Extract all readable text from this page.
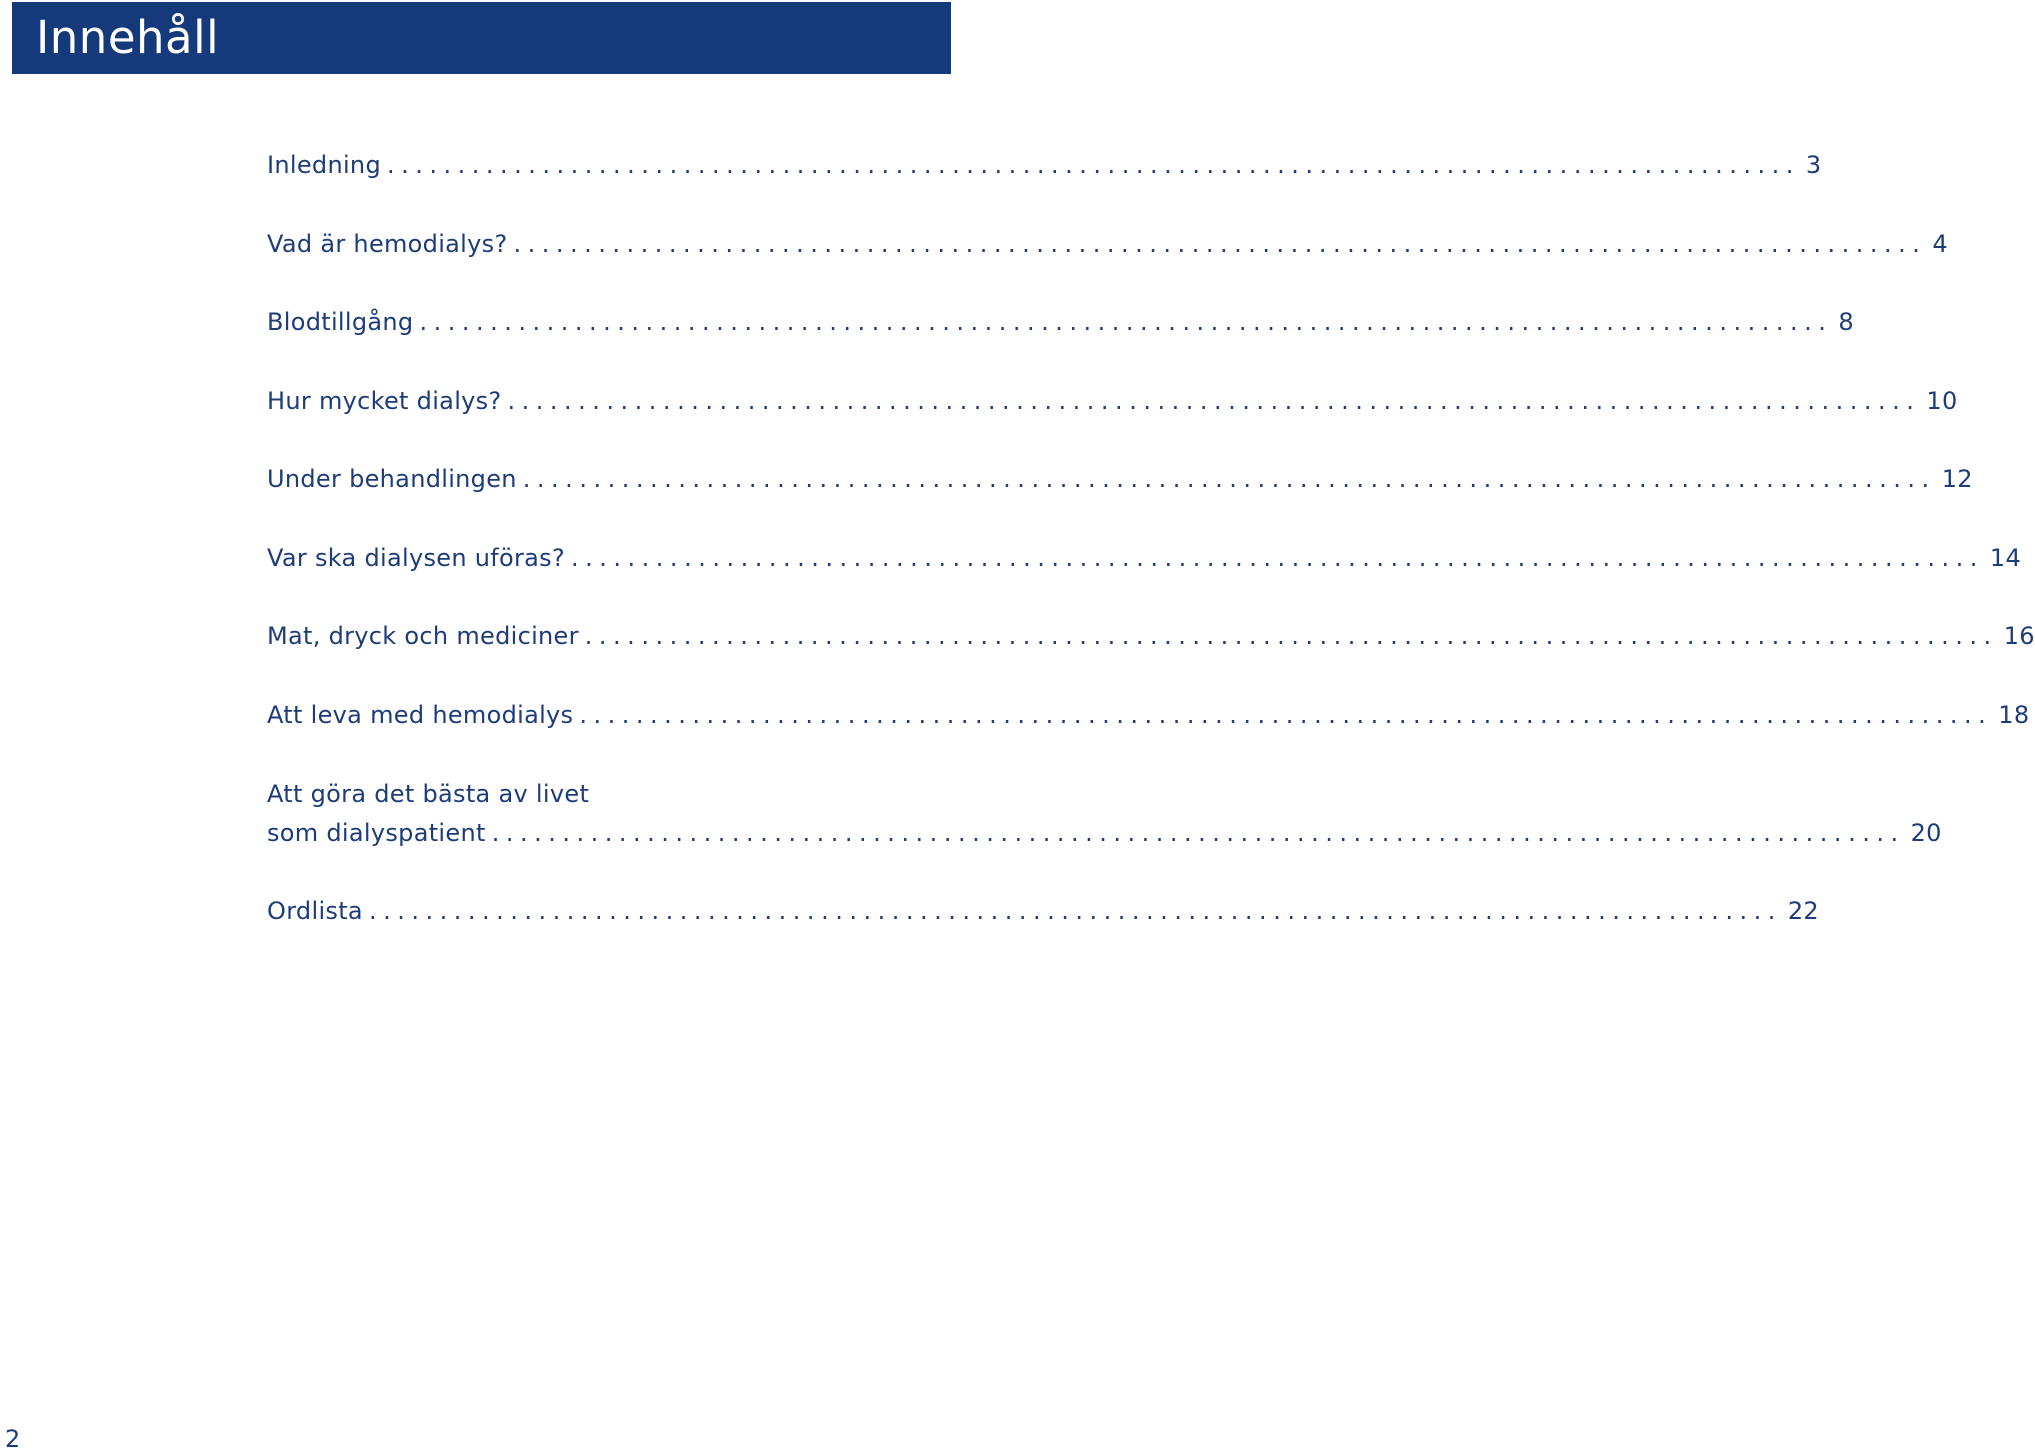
Innehåll
Inledning .................................................................................................... 3
Vad är hemodialys? .................................................................................................... 4
Blodtillgång .................................................................................................... 8
Hur mycket dialys? .................................................................................................... 10
Under behandlingen .................................................................................................... 12
Var ska dialysen uföras? .................................................................................................... 14
Mat, dryck och mediciner .................................................................................................... 16
Att leva med hemodialys .................................................................................................... 18
Att göra det bästa av livet
som dialyspatient .................................................................................................... 20
Ordlista .................................................................................................... 22
2
